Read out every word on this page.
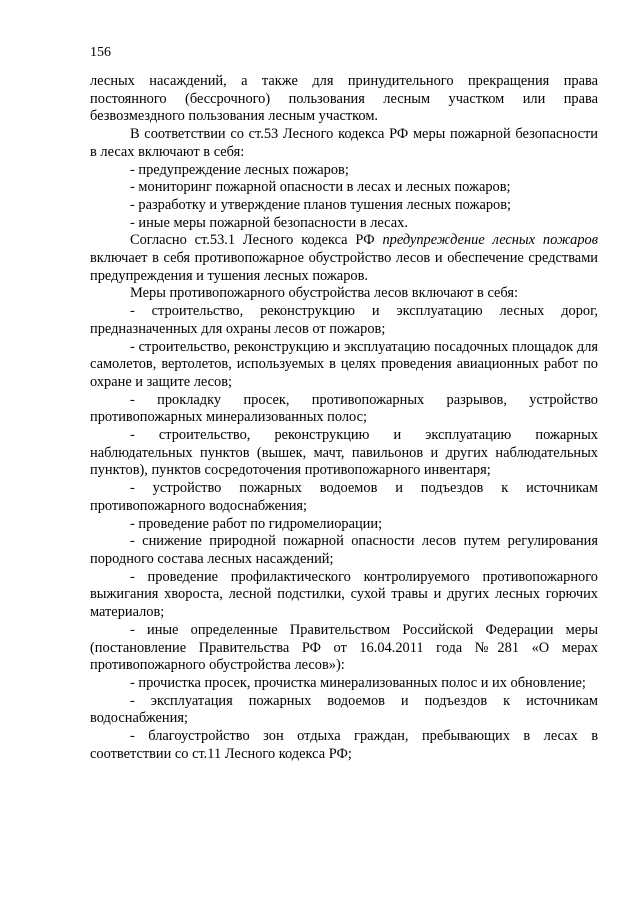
156

лесных насаждений, а также для принудительного прекращения права постоянного (бессрочного) пользования лесным участком или права безвозмездного пользования лесным участком.

В соответствии со ст.53 Лесного кодекса РФ меры пожарной безопасности в лесах включают в себя:

- предупреждение лесных пожаров;

- мониторинг пожарной опасности в лесах и лесных пожаров;

- разработку и утверждение планов тушения лесных пожаров;

- иные меры пожарной безопасности в лесах.

Согласно ст.53.1 Лесного кодекса РФ предупреждение лесных пожаров включает в себя противопожарное обустройство лесов и обеспечение средствами предупреждения и тушения лесных пожаров.

Меры противопожарного обустройства лесов включают в себя:

- строительство, реконструкцию и эксплуатацию лесных дорог, предназначенных для охраны лесов от пожаров;

- строительство, реконструкцию и эксплуатацию посадочных площадок для самолетов, вертолетов, используемых в целях проведения авиационных работ по охране и защите лесов;

- прокладку просек, противопожарных разрывов, устройство противопожарных минерализованных полос;

- строительство, реконструкцию и эксплуатацию пожарных наблюдательных пунктов (вышек, мачт, павильонов и других наблюдательных пунктов), пунктов сосредоточения противопожарного инвентаря;

- устройство пожарных водоемов и подъездов к источникам противопожарного водоснабжения;

- проведение работ по гидромелиорации;

- снижение природной пожарной опасности лесов путем регулирования породного состава лесных насаждений;

- проведение профилактического контролируемого противопожарного выжигания хвороста, лесной подстилки, сухой травы и других лесных горючих материалов;

- иные определенные Правительством Российской Федерации меры (постановление Правительства РФ от 16.04.2011 года №281 «О мерах противопожарного обустройства лесов»):

- прочистка просек, прочистка минерализованных полос и их обновление;

- эксплуатация пожарных водоемов и подъездов к источникам водоснабжения;

- благоустройство зон отдыха граждан, пребывающих в лесах в соответствии со ст.11 Лесного кодекса РФ;
